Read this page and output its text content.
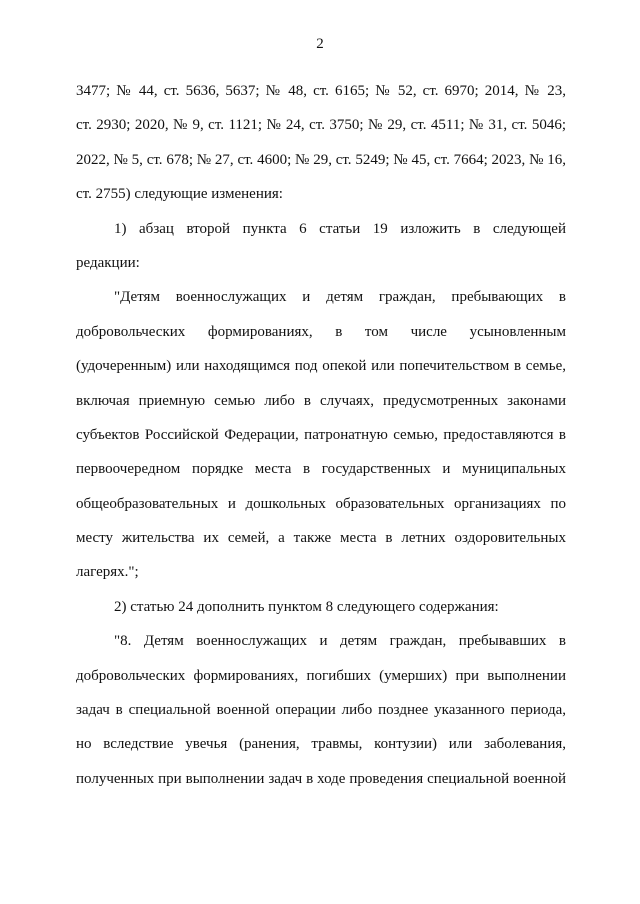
2
3477; № 44, ст. 5636, 5637; № 48, ст. 6165; № 52, ст. 6970; 2014, № 23,
ст. 2930; 2020, № 9, ст. 1121; № 24, ст. 3750; № 29, ст. 4511; № 31, ст. 5046;
2022, № 5, ст. 678; № 27, ст. 4600; № 29, ст. 5249; № 45, ст. 7664; 2023, № 16,
ст. 2755) следующие изменения:
1) абзац второй пункта 6 статьи 19 изложить в следующей
редакции:
"Детям военнослужащих и детям граждан, пребывающих в
добровольческих формированиях, в том числе усыновленным
(удочеренным) или находящимся под опекой или попечительством в семье,
включая приемную семью либо в случаях, предусмотренных законами
субъектов Российской Федерации, патронатную семью, предоставляются в
первоочередном порядке места в государственных и муниципальных
общеобразовательных и дошкольных образовательных организациях по
месту жительства их семей, а также места в летних оздоровительных
лагерях.";
2) статью 24 дополнить пунктом 8 следующего содержания:
"8. Детям военнослужащих и детям граждан, пребывавших в
добровольческих формированиях, погибших (умерших) при выполнении
задач в специальной военной операции либо позднее указанного периода,
но вследствие увечья (ранения, травмы, контузии) или заболевания,
полученных при выполнении задач в ходе проведения специальной военной
